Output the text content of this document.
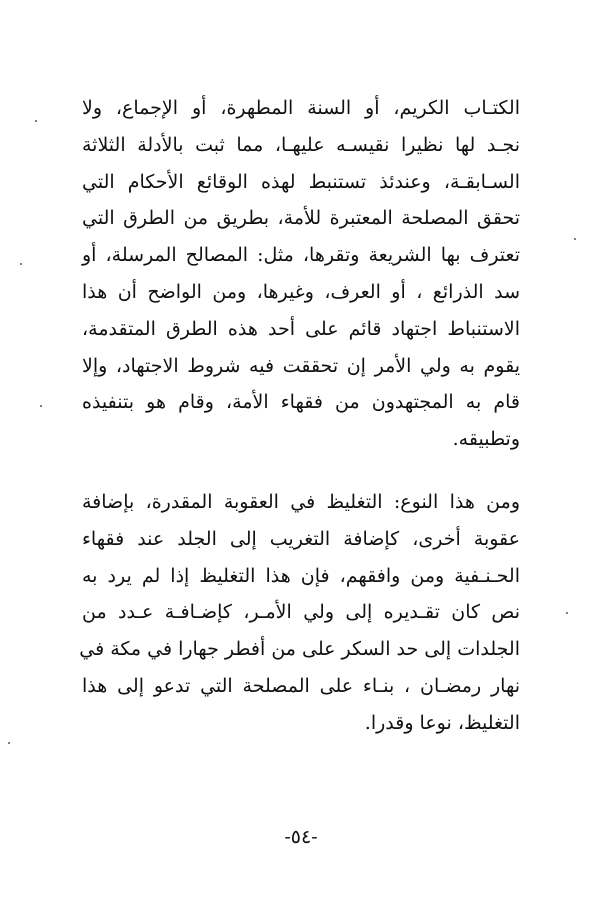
الكتـاب الكريم، أو السنة المطهرة، أو الإجماع، ولا
نجـد لها نظيرا نقيسـه عليهـا، مما ثبت بالأدلة الثلاثة
السـابقـة، وعندئذ تستنبط لهذه الوقائع الأحكام التي
تحقق المصلحة المعتبرة للأمة، بطريق من الطرق التي
تعترف بها الشريعة وتقرها، مثل: المصالح المرسلة، أو
سد الذرائع ، أو العرف، وغيرها، ومن الواضح أن هذا
الاستنباط اجتهاد قائم على أحد هذه الطرق المتقدمة،
يقوم به ولي الأمر إن تحققت فيه شروط الاجتهاد، وإلا
قام به المجتهدون من فقهاء الأمة، وقام هو بتنفيذه
وتطبيقه.
ومن هذا النوع: التغليظ في العقوبة المقدرة، بإضافة
عقوبة أخرى، كإضافة التغريب إلى الجلد عند فقهاء
الحـنـفية ومن وافقهم، فإن هذا التغليظ إذا لم يرد به
نص كان تقـديره إلى ولي الأمـر، كإضـافـة عـدد من
الجلدات إلى حد السكر على من أفطر جهارا في مكة في
نهار رمضـان ، بنـاء على المصلحة التي تدعو إلى هذا
التغليظ، نوعا وقدرا.
-٥٤-
